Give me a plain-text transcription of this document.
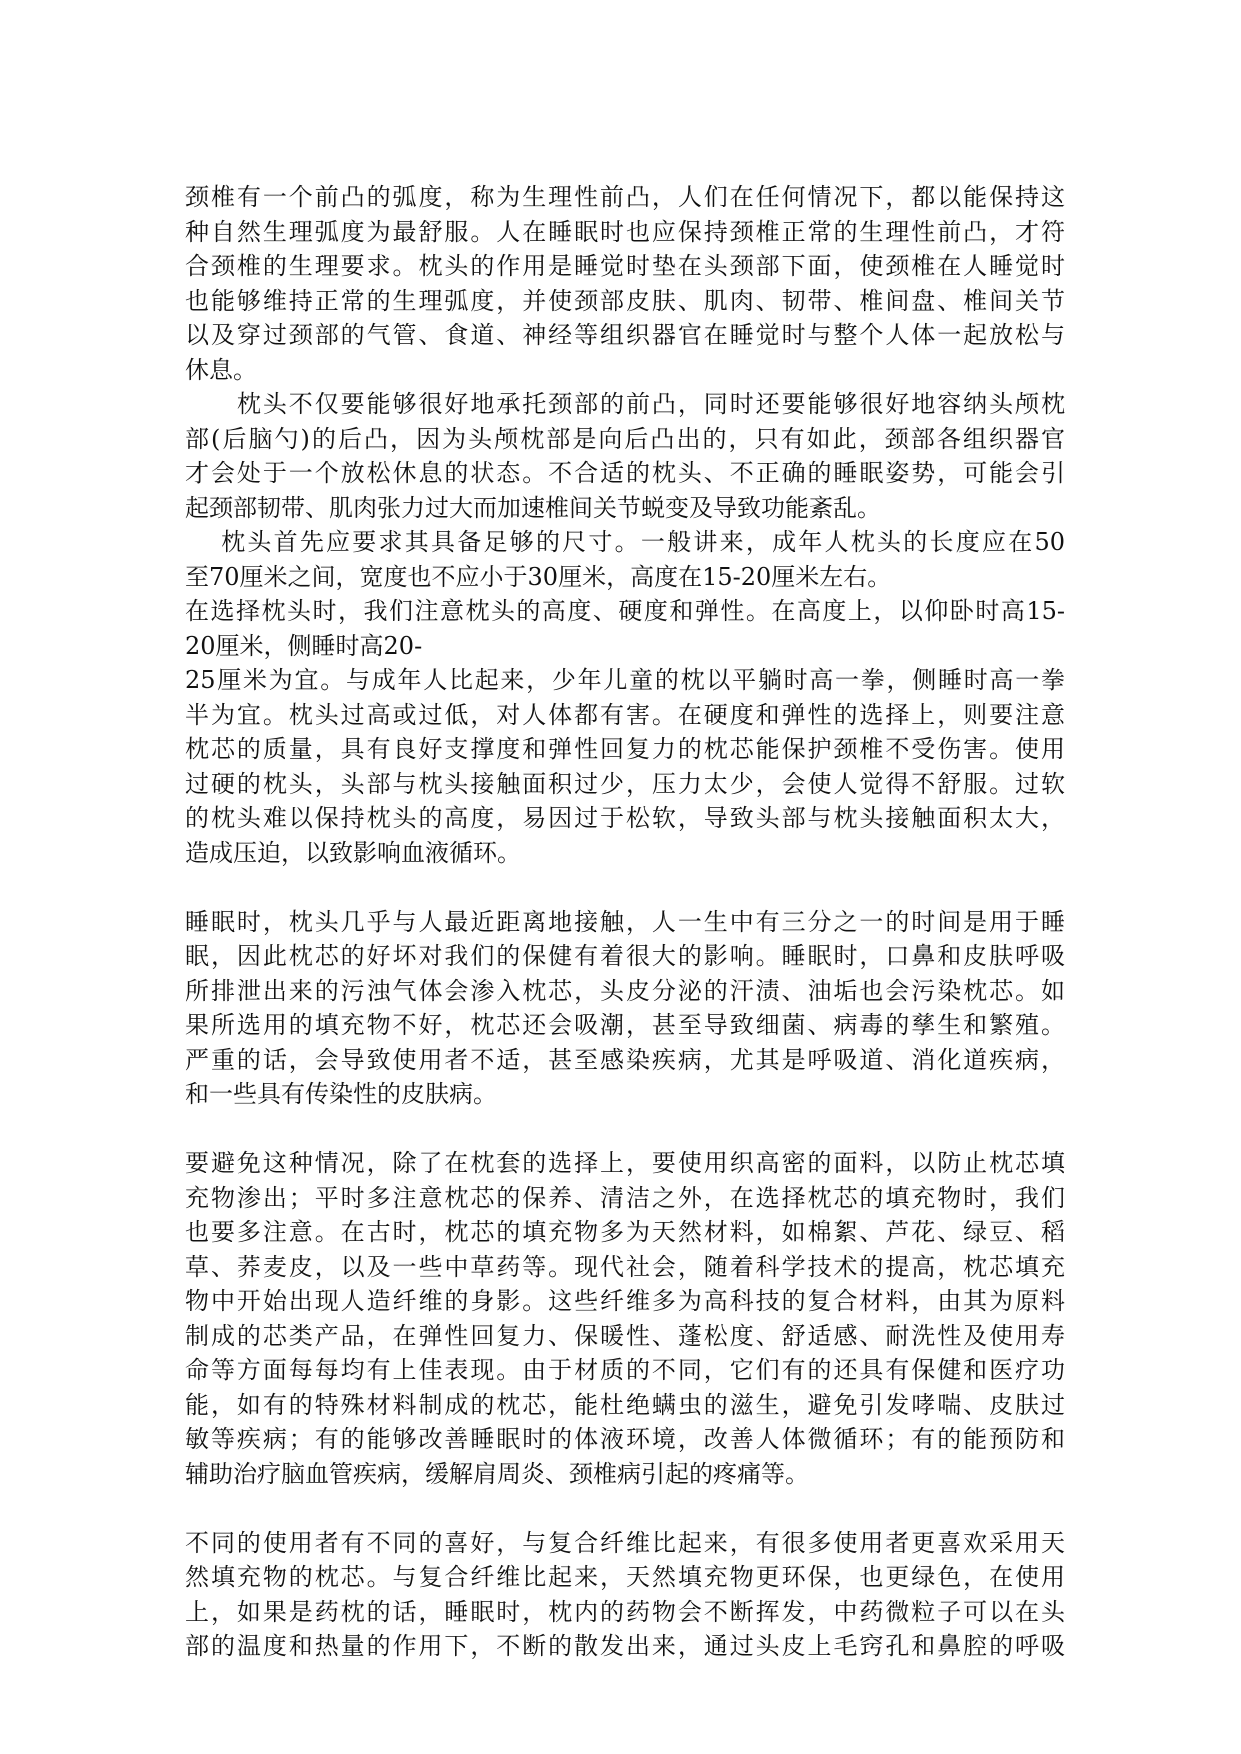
颈椎有一个前凸的弧度，称为生理性前凸，人们在任何情况下，都以能保持这
种自然生理弧度为最舒服。人在睡眠时也应保持颈椎正常的生理性前凸，才符
合颈椎的生理要求。枕头的作用是睡觉时垫在头颈部下面，使颈椎在人睡觉时
也能够维持正常的生理弧度，并使颈部皮肤、肌肉、韧带、椎间盘、椎间关节
以及穿过颈部的气管、食道、神经等组织器官在睡觉时与整个人体一起放松与
休息。
　　枕头不仅要能够很好地承托颈部的前凸，同时还要能够很好地容纳头颅枕
部(后脑勺)的后凸，因为头颅枕部是向后凸出的，只有如此，颈部各组织器官
才会处于一个放松休息的状态。不合适的枕头、不正确的睡眠姿势，可能会引
起颈部韧带、肌肉张力过大而加速椎间关节蜕变及导致功能紊乱。
　 枕头首先应要求其具备足够的尺寸。一般讲来，成年人枕头的长度应在50
至70厘米之间，宽度也不应小于30厘米，高度在15-20厘米左右。
在选择枕头时，我们注意枕头的高度、硬度和弹性。在高度上，以仰卧时高15-
20厘米，侧睡时高20-
25厘米为宜。与成年人比起来，少年儿童的枕以平躺时高一拳，侧睡时高一拳
半为宜。枕头过高或过低，对人体都有害。在硬度和弹性的选择上，则要注意
枕芯的质量，具有良好支撑度和弹性回复力的枕芯能保护颈椎不受伤害。使用
过硬的枕头，头部与枕头接触面积过少，压力太少，会使人觉得不舒服。过软
的枕头难以保持枕头的高度，易因过于松软，导致头部与枕头接触面积太大，
造成压迫，以致影响血液循环。
睡眠时，枕头几乎与人最近距离地接触，人一生中有三分之一的时间是用于睡
眠，因此枕芯的好坏对我们的保健有着很大的影响。睡眠时，口鼻和皮肤呼吸
所排泄出来的污浊气体会渗入枕芯，头皮分泌的汗渍、油垢也会污染枕芯。如
果所选用的填充物不好，枕芯还会吸潮，甚至导致细菌、病毒的孳生和繁殖。
严重的话，会导致使用者不适，甚至感染疾病，尤其是呼吸道、消化道疾病，
和一些具有传染性的皮肤病。
要避免这种情况，除了在枕套的选择上，要使用织高密的面料，以防止枕芯填
充物渗出；平时多注意枕芯的保养、清洁之外，在选择枕芯的填充物时，我们
也要多注意。在古时，枕芯的填充物多为天然材料，如棉絮、芦花、绿豆、稻
草、荞麦皮，以及一些中草药等。现代社会，随着科学技术的提高，枕芯填充
物中开始出现人造纤维的身影。这些纤维多为高科技的复合材料，由其为原料
制成的芯类产品，在弹性回复力、保暖性、蓬松度、舒适感、耐洗性及使用寿
命等方面每每均有上佳表现。由于材质的不同，它们有的还具有保健和医疗功
能，如有的特殊材料制成的枕芯，能杜绝螨虫的滋生，避免引发哮喘、皮肤过
敏等疾病；有的能够改善睡眠时的体液环境，改善人体微循环；有的能预防和
辅助治疗脑血管疾病，缓解肩周炎、颈椎病引起的疼痛等。
不同的使用者有不同的喜好，与复合纤维比起来，有很多使用者更喜欢采用天
然填充物的枕芯。与复合纤维比起来，天然填充物更环保，也更绿色，在使用
上，如果是药枕的话，睡眠时，枕内的药物会不断挥发，中药微粒子可以在头
部的温度和热量的作用下，不断的散发出来，通过头皮上毛窍孔和鼻腔的呼吸
